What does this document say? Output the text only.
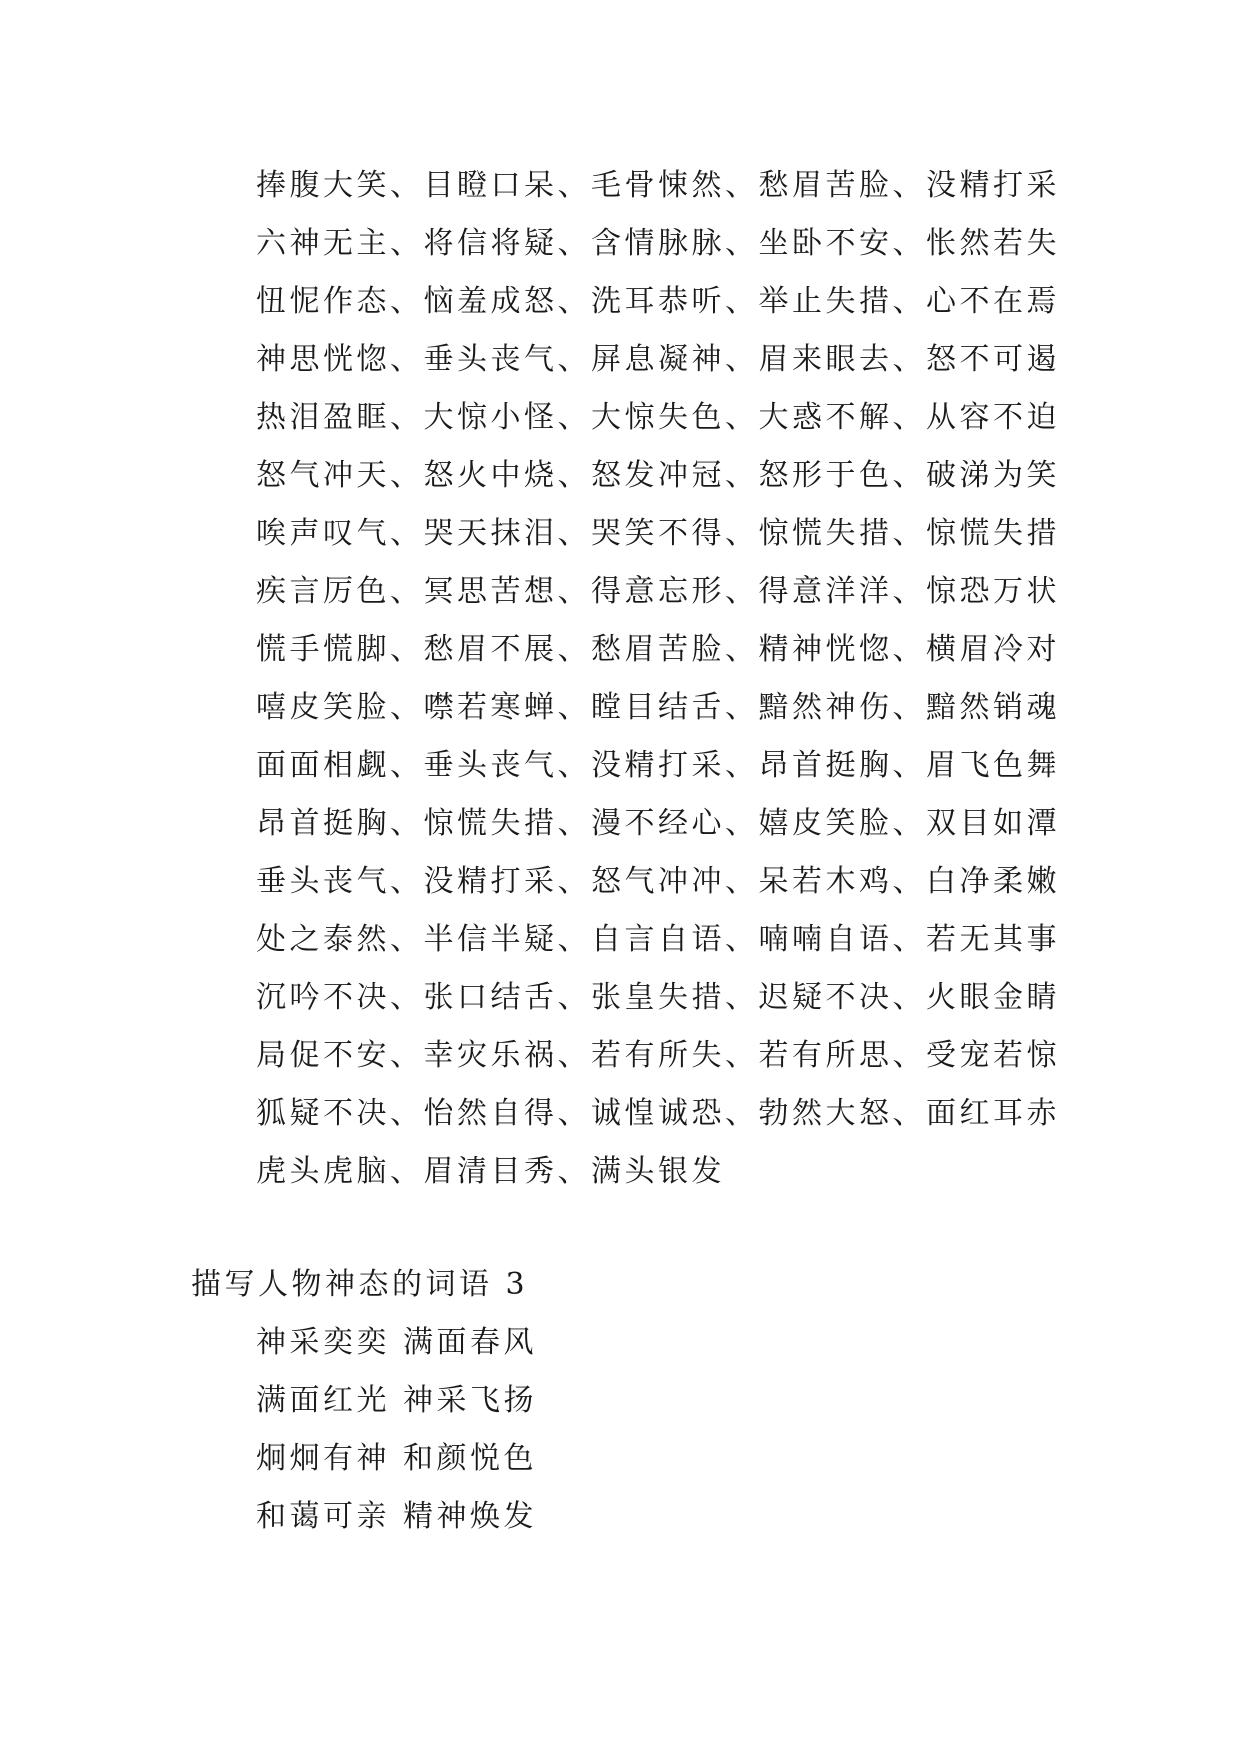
捧腹大笑、目瞪口呆、毛骨悚然、愁眉苦脸、没精打采
六神无主、将信将疑、含情脉脉、坐卧不安、怅然若失
忸怩作态、恼羞成怒、洗耳恭听、举止失措、心不在焉
神思恍惚、垂头丧气、屏息凝神、眉来眼去、怒不可遏
热泪盈眶、大惊小怪、大惊失色、大惑不解、从容不迫
怒气冲天、怒火中烧、怒发冲冠、怒形于色、破涕为笑
唉声叹气、哭天抹泪、哭笑不得、惊慌失措、惊慌失措
疾言厉色、冥思苦想、得意忘形、得意洋洋、惊恐万状
慌手慌脚、愁眉不展、愁眉苦脸、精神恍惚、横眉冷对
嘻皮笑脸、噤若寒蝉、瞠目结舌、黯然神伤、黯然销魂
面面相觑、垂头丧气、没精打采、昂首挺胸、眉飞色舞
昂首挺胸、惊慌失措、漫不经心、嬉皮笑脸、双目如潭
垂头丧气、没精打采、怒气冲冲、呆若木鸡、白净柔嫩
处之泰然、半信半疑、自言自语、喃喃自语、若无其事
沉吟不决、张口结舌、张皇失措、迟疑不决、火眼金睛
局促不安、幸灾乐祸、若有所失、若有所思、受宠若惊
狐疑不决、怡然自得、诚惶诚恐、勃然大怒、面红耳赤
虎头虎脑、眉清目秀、满头银发
描写人物神态的词语 3
神采奕奕 满面春风
满面红光 神采飞扬
炯炯有神 和颜悦色
和蔼可亲 精神焕发
